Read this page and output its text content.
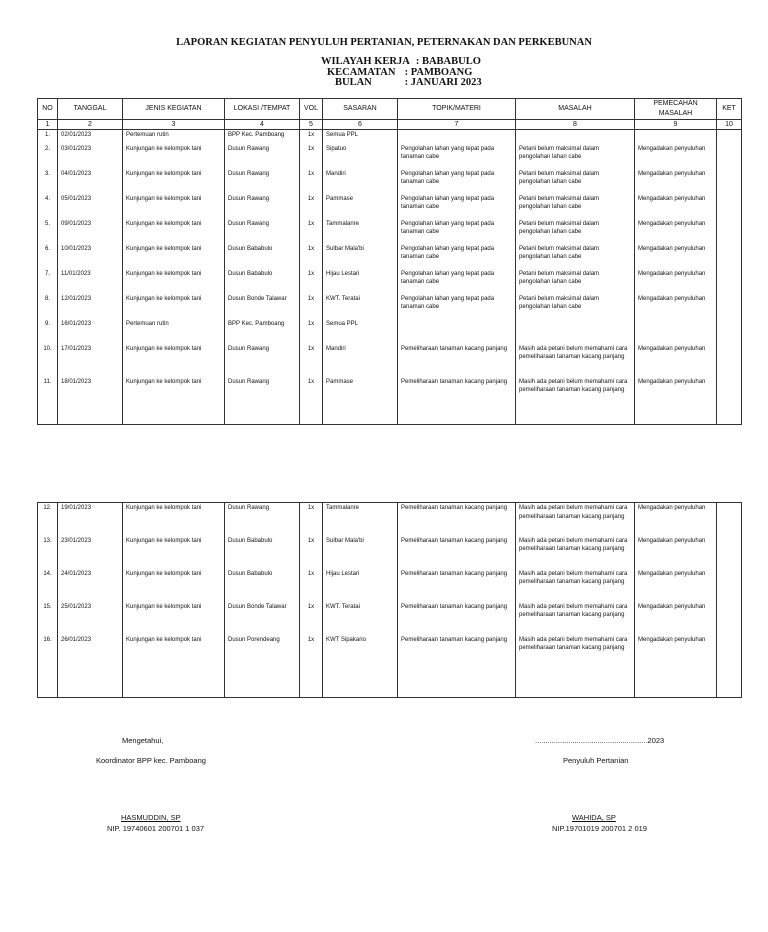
LAPORAN KEGIATAN PENYULUH PERTANIAN, PETERNAKAN DAN PERKEBUNAN
WILAYAH KERJA : BABABULO
KECAMATAN : PAMBOANG
BULAN	: JANUARI 2023
NO	TANGGAL	JENIS KEGIATAN	LOKASI /TEMPAT	VOL	SASARAN	TOPIK/MATERI	MASALAH	PEMECAHAN MASALAH	KET
1	2	3	4	5	6	7	8	9	10
1.	02/01/2023	Pertemuan rutin	BPP Kec. Pamboang	1x	Semua PPL				
2.	03/01/2023	Kunjungan ke kelompok tani	Dusun Rawang	1x	Sipatuo	Pengolahan lahan yang tepat pada tanaman cabe	Petani belum maksimal dalam pengolahan lahan cabe	Mengadakan penyuluhan	
3.	04/01/2023	Kunjungan ke kelompok tani	Dusun Rawang	1x	Mandiri	Pengolahan lahan yang tepat pada tanaman cabe	Petani belum maksimal dalam pengolahan lahan cabe	Mengadakan penyuluhan	
4.	05/01/2023	Kunjungan ke kelompok tani	Dusun Rawang	1x	Pammase	Pengolahan lahan yang tepat pada tanaman cabe	Petani belum maksimal dalam pengolahan lahan cabe	Mengadakan penyuluhan	
5.	09/01/2023	Kunjungan ke kelompok tani	Dusun Rawang	1x	Tammalanre	Pengolahan lahan yang tepat pada tanaman cabe	Petani belum maksimal dalam pengolahan lahan cabe	Mengadakan penyuluhan	
6.	10/01/2023	Kunjungan ke kelompok tani	Dusun Bababulo	1x	Sulbar Mala'bi	Pengolahan lahan yang tepat pada tanaman cabe	Petani belum maksimal dalam pengolahan lahan cabe	Mengadakan penyuluhan	
7.	11/01/2023	Kunjungan ke kelompok tani	Dusun Bababulo	1x	Hijau Lestari	Pengolahan lahan yang tepat pada tanaman cabe	Petani belum maksimal dalam pengolahan lahan cabe	Mengadakan penyuluhan	
8.	12/01/2023	Kunjungan ke kelompok tani	Dusun Bonde Talawar	1x	KWT. Teratai	Pengolahan lahan yang tepat pada tanaman cabe	Petani belum maksimal dalam pengolahan lahan cabe	Mengadakan penyuluhan	
9.	16/01/2023	Pertemuan rutin	BPP Kec. Pamboang	1x	Semua PPL				
10.	17/01/2023	Kunjungan ke kelompok tani	Dusun Rawang	1x	Mandiri	Pemeliharaan tanaman kacang panjang	Masih ada petani belum memahami cara pemeliharaan tanaman kacang panjang	Mengadakan penyuluhan	
11.	18/01/2023	Kunjungan ke kelompok tani	Dusun Rawang	1x	Pammase	Pemeliharaan tanaman kacang panjang	Masih ada petani belum memahami cara pemeliharaan tanaman kacang panjang	Mengadakan penyuluhan	

12.	19/01/2023	Kunjungan ke kelompok tani	Dusun Rawang	1x	Tammalanre	Pemeliharaan tanaman kacang panjang	Masih ada petani belum memahami cara pemeliharaan tanaman kacang panjang	Mengadakan penyuluhan	
13.	23/01/2023	Kunjungan ke kelompok tani	Dusun Bababulo	1x	Sulbar Mala'bi	Pemeliharaan tanaman kacang panjang	Masih ada petani belum memahami cara pemeliharaan tanaman kacang panjang	Mengadakan penyuluhan	
14.	24/01/2023	Kunjungan ke kelompok tani	Dusun Bababulo	1x	Hijau Lestari	Pemeliharaan tanaman kacang panjang	Masih ada petani belum memahami cara pemeliharaan tanaman kacang panjang	Mengadakan penyuluhan	
15.	25/01/2023	Kunjungan ke kelompok tani	Dusun Bonde Talawar	1x	KWT. Teratai	Pemeliharaan tanaman kacang panjang	Masih ada petani belum memahami cara pemeliharaan tanaman kacang panjang	Mengadakan penyuluhan	
16.	26/01/2023	Kunjungan ke kelompok tani	Dusun Porendeang	1x	KWT Sipakario	Pemeliharaan tanaman kacang panjang	Masih ada petani belum memahami cara pemeliharaan tanaman kacang panjang	Mengadakan penyuluhan	

Mengetahui,
Koordinator BPP kec. Pamboang
HASMUDDIN, SP
NIP. 19740601 200701 1 037
......................................................2023
Penyuluh Pertanian
WAHIDA, SP
NIP.19701019 200701 2 019
